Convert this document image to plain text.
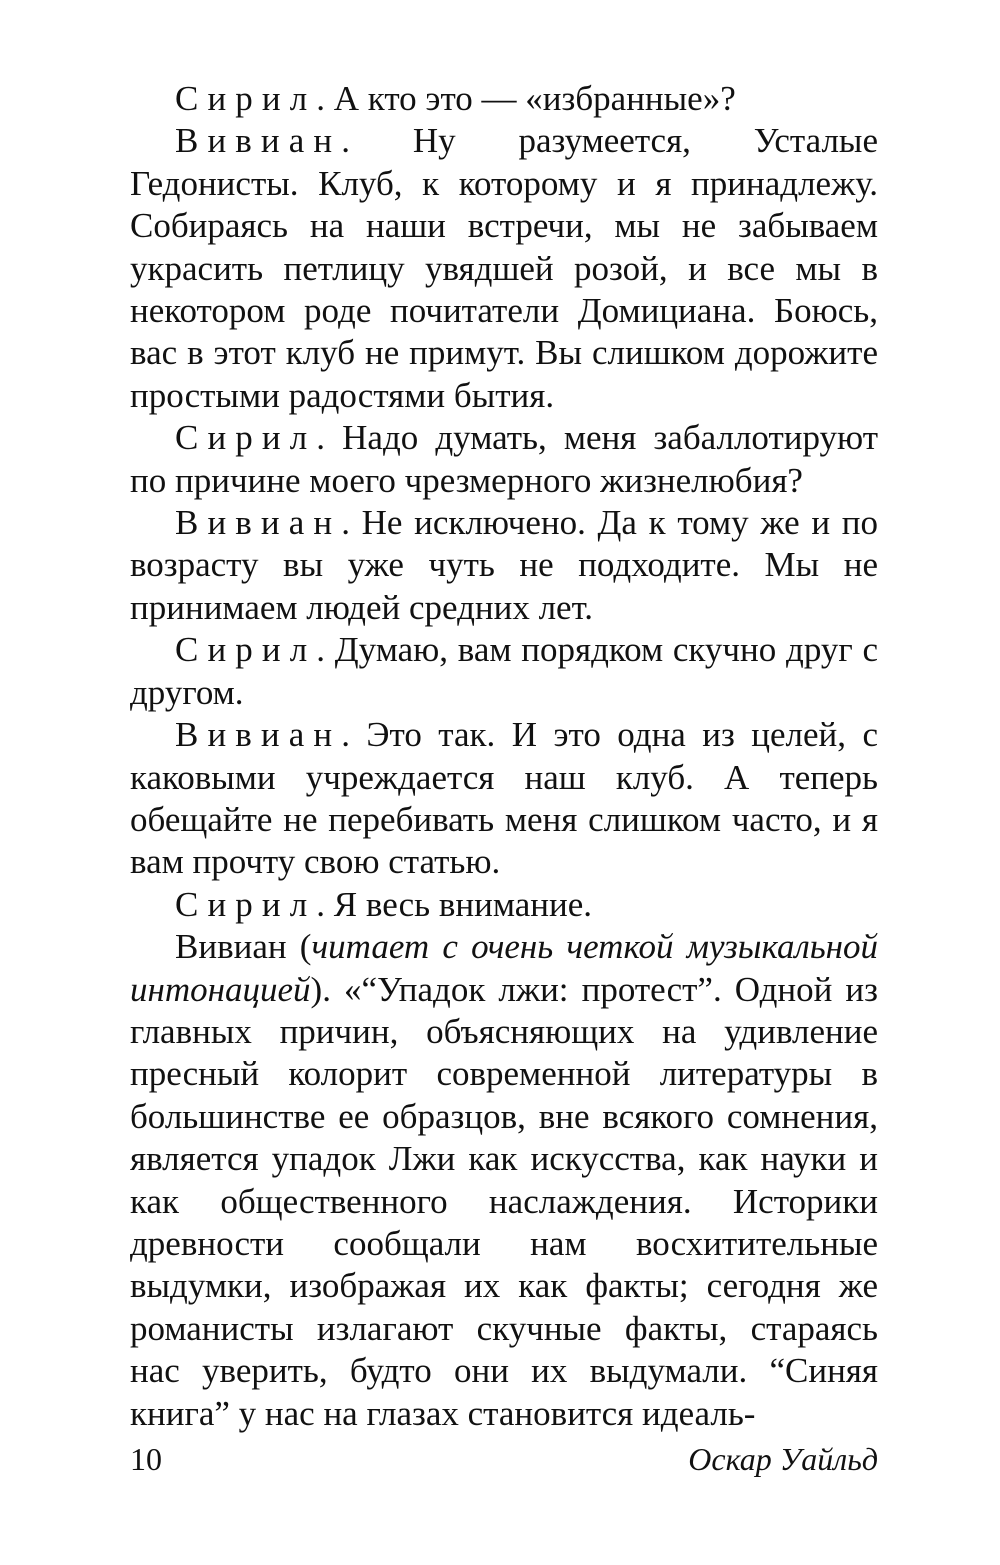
Сирил. А кто это — «избранные»?

Вивиан. Ну разумеется, Усталые Гедонисты. Клуб, к которому и я принадлежу. Собираясь на наши встречи, мы не забываем украсить петлицу увядшей розой, и все мы в некотором роде почитатели Домициана. Боюсь, вас в этот клуб не примут. Вы слишком дорожите простыми радостями бытия.

Сирил. Надо думать, меня забаллотируют по причине моего чрезмерного жизнелюбия?

Вивиан. Не исключено. Да к тому же и по возрасту вы уже чуть не подходите. Мы не принимаем людей средних лет.

Сирил. Думаю, вам порядком скучно друг с другом.

Вивиан. Это так. И это одна из целей, с каковыми учреждается наш клуб. А теперь обещайте не перебивать меня слишком часто, и я вам прочту свою статью.

Сирил. Я весь внимание.

Вивиан (читает с очень четкой музыкальной интонацией). «“Упадок лжи: протест”. Одной из главных причин, объясняющих на удивление пресный колорит современной литературы в большинстве ее образцов, вне всякого сомнения, является упадок Лжи как искусства, как науки и как общественного наслаждения. Историки древности сообщали нам восхитительные выдумки, изображая их как факты; сегодня же романисты излагают скучные факты, стараясь нас уверить, будто они их выдумали. “Синяя книга” у нас на глазах становится идеаль-

10	Оскар Уайльд
